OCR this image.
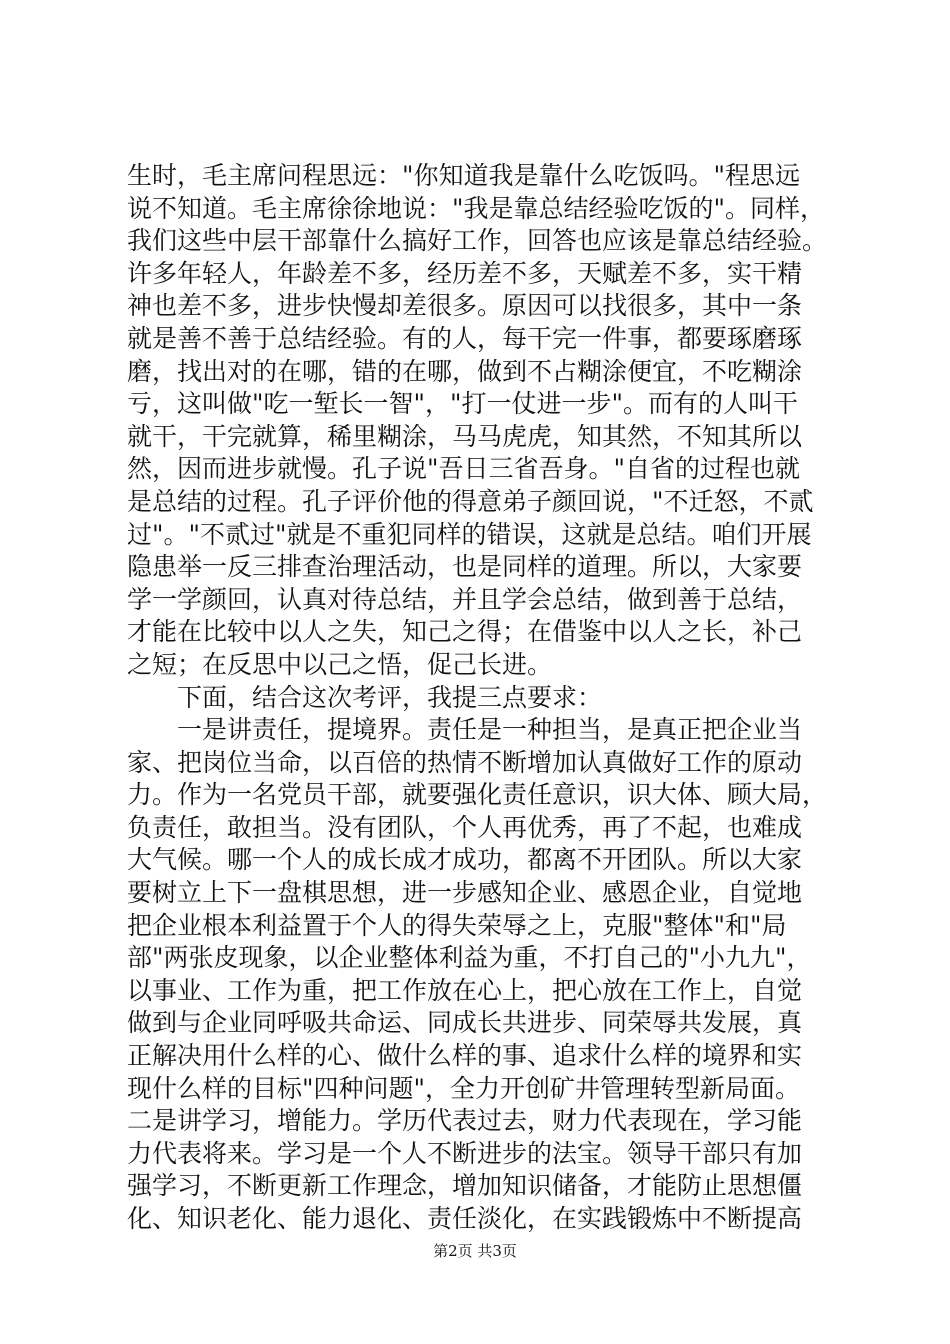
生时，毛主席问程思远："你知道我是靠什么吃饭吗。"程思远
说不知道。毛主席徐徐地说："我是靠总结经验吃饭的"。同样，
我们这些中层干部靠什么搞好工作，回答也应该是靠总结经验。
许多年轻人，年龄差不多，经历差不多，天赋差不多，实干精
神也差不多，进步快慢却差很多。原因可以找很多，其中一条
就是善不善于总结经验。有的人，每干完一件事，都要琢磨琢
磨，找出对的在哪，错的在哪，做到不占糊涂便宜，不吃糊涂
亏，这叫做"吃一堑长一智"，"打一仗进一步"。而有的人叫干
就干，干完就算，稀里糊涂，马马虎虎，知其然，不知其所以
然，因而进步就慢。孔子说"吾日三省吾身。"自省的过程也就
是总结的过程。孔子评价他的得意弟子颜回说，"不迁怒，不贰
过"。"不贰过"就是不重犯同样的错误，这就是总结。咱们开展
隐患举一反三排查治理活动，也是同样的道理。所以，大家要
学一学颜回，认真对待总结，并且学会总结，做到善于总结，
才能在比较中以人之失，知己之得；在借鉴中以人之长，补己
之短；在反思中以己之悟，促己长进。
　　下面，结合这次考评，我提三点要求：
　　一是讲责任，提境界。责任是一种担当，是真正把企业当
家、把岗位当命，以百倍的热情不断增加认真做好工作的原动
力。作为一名党员干部，就要强化责任意识，识大体、顾大局，
负责任，敢担当。没有团队，个人再优秀，再了不起，也难成
大气候。哪一个人的成长成才成功，都离不开团队。所以大家
要树立上下一盘棋思想，进一步感知企业、感恩企业，自觉地
把企业根本利益置于个人的得失荣辱之上，克服"整体"和"局
部"两张皮现象，以企业整体利益为重，不打自己的"小九九"，
以事业、工作为重，把工作放在心上，把心放在工作上，自觉
做到与企业同呼吸共命运、同成长共进步、同荣辱共发展，真
正解决用什么样的心、做什么样的事、追求什么样的境界和实
现什么样的目标"四种问题"，全力开创矿井管理转型新局面。
二是讲学习，增能力。学历代表过去，财力代表现在，学习能
力代表将来。学习是一个人不断进步的法宝。领导干部只有加
强学习，不断更新工作理念，增加知识储备，才能防止思想僵
化、知识老化、能力退化、责任淡化，在实践锻炼中不断提高
第2页 共3页
